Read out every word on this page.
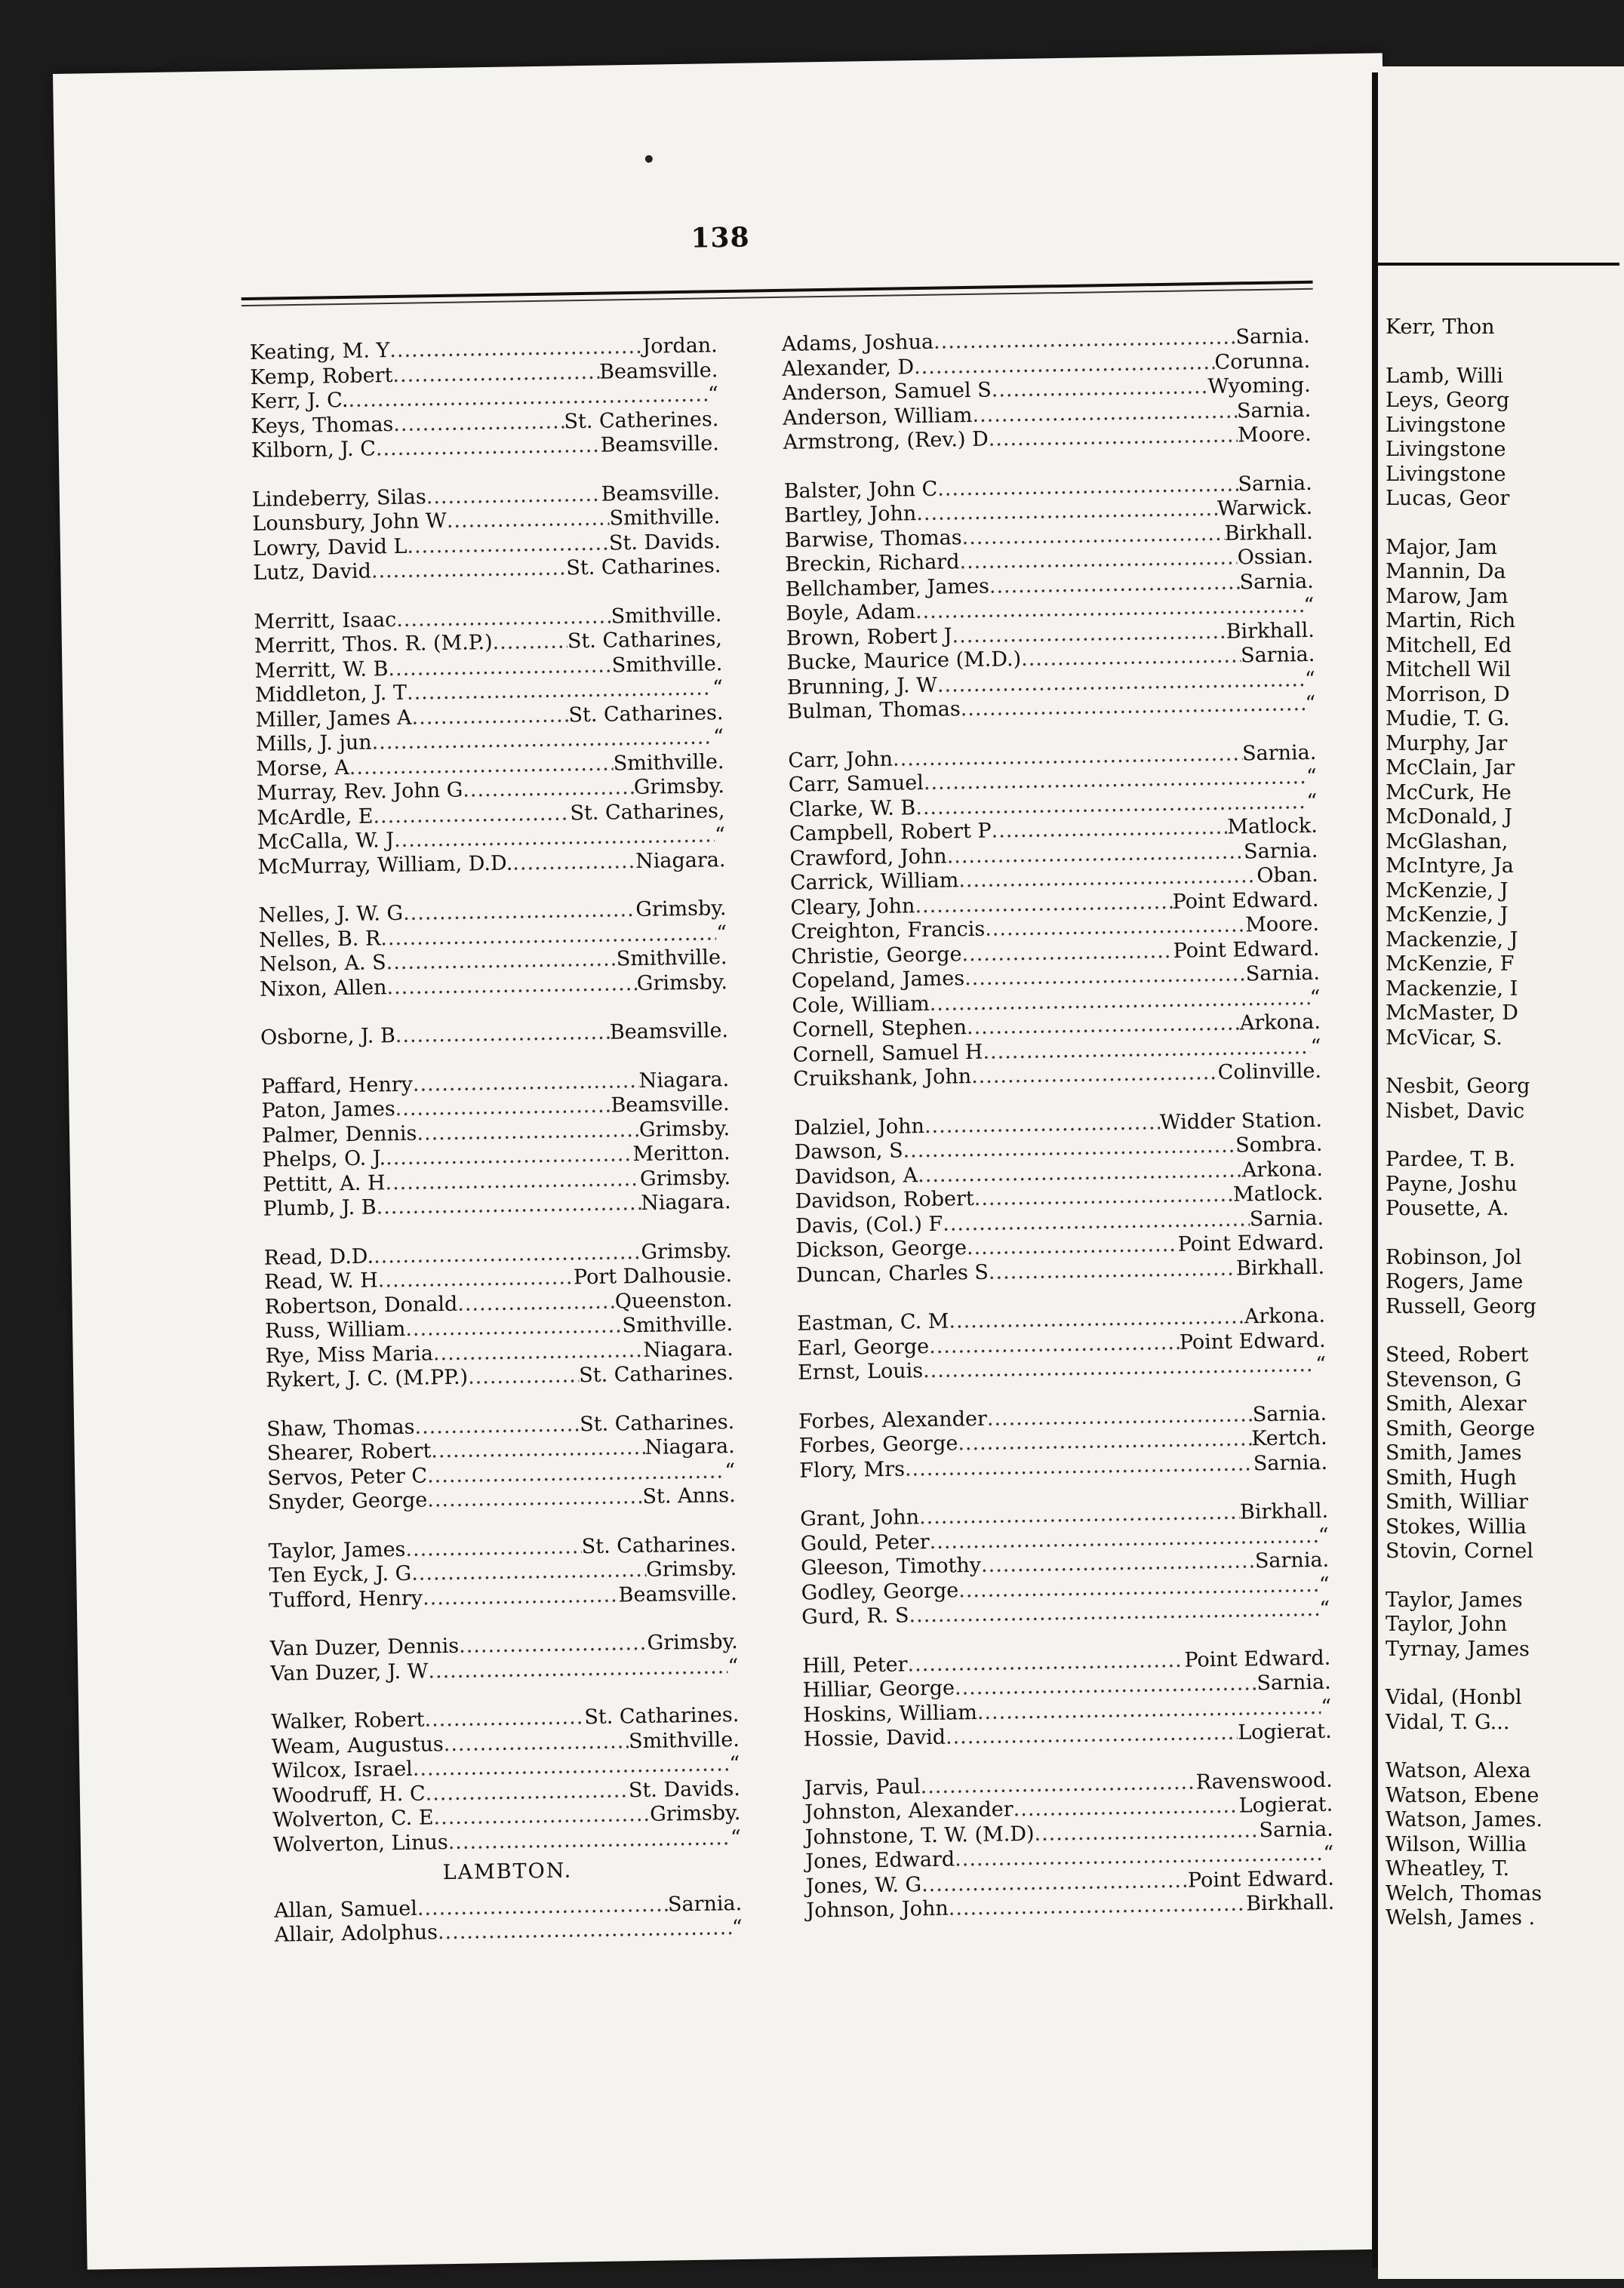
138
Keating, M. Y .....	Jordan.
Kemp, Robert .....	Beamsville.
Kerr, J. C. .....	“
Keys, Thomas .....	St. Catherines.
Kilborn, J. C .....	Beamsville.
Lindeberry, Silas .....	Beamsville.
Lounsbury, John W .....	Smithville.
Lowry, David L .....	St. Davids.
Lutz, David .....	St. Catharines.
Merritt, Isaac .....	Smithville.
Merritt, Thos. R. (M.P.) .....	St. Catharines,
Merritt, W. B .....	Smithville.
Middleton, J. T .....	“
Miller, James A .....	St. Catharines.
Mills, J. jun .....	“
Morse, A .....	Smithville.
Murray, Rev. John G .....	Grimsby.
McArdle, E .....	St. Catharines,
McCalla, W. J .....	“
McMurray, William, D.D. .....	Niagara.
Nelles, J. W. G .....	Grimsby.
Nelles, B. R .....	“
Nelson, A. S .....	Smithville.
Nixon, Allen .....	Grimsby.
Osborne, J. B .....	Beamsville.
Paffard, Henry .....	Niagara.
Paton, James .....	Beamsville.
Palmer, Dennis .....	Grimsby.
Phelps, O. J. .....	Meritton.
Pettitt, A. H .....	Grimsby.
Plumb, J. B .....	Niagara.
Read, D.D. .....	Grimsby.
Read, W. H .....	Port Dalhousie.
Robertson, Donald .....	Queenston.
Russ, William .....	Smithville.
Rye, Miss Maria .....	Niagara.
Rykert, J. C. (M.PP.) .....	St. Catharines.
Shaw, Thomas .....	St. Catharines.
Shearer, Robert .....	Niagara.
Servos, Peter C .....	“
Snyder, George .....	St. Anns.
Taylor, James .....	St. Catharines.
Ten Eyck, J. G .....	Grimsby.
Tufford, Henry .....	Beamsville.
Van Duzer, Dennis .....	Grimsby.
Van Duzer, J. W .....	“
Walker, Robert .....	St. Catharines.
Weam, Augustus .....	Smithville.
Wilcox, Israel .....	“
Woodruff, H. C .....	St. Davids.
Wolverton, C. E .....	Grimsby.
Wolverton, Linus .....	“
LAMBTON.
Allan, Samuel .....	Sarnia.
Allair, Adolphus .....	“
Adams, Joshua .....	Sarnia.
Alexander, D .....	Corunna.
Anderson, Samuel S .....	Wyoming.
Anderson, William .....	Sarnia.
Armstrong, (Rev.) D .....	Moore.
Balster, John C .....	Sarnia.
Bartley, John .....	Warwick.
Barwise, Thomas .....	Birkhall.
Breckin, Richard .....	Ossian.
Bellchamber, James .....	Sarnia.
Boyle, Adam .....	“
Brown, Robert J .....	Birkhall.
Bucke, Maurice (M.D.) .....	Sarnia.
Brunning, J. W .....	“
Bulman, Thomas .....	“
Carr, John .....	Sarnia.
Carr, Samuel .....	“
Clarke, W. B .....	“
Campbell, Robert P .....	Matlock.
Crawford, John .....	Sarnia.
Carrick, William .....	Oban.
Cleary, John .....	Point Edward.
Creighton, Francis .....	Moore.
Christie, George .....	Point Edward.
Copeland, James .....	Sarnia.
Cole, William .....	“
Cornell, Stephen .....	Arkona.
Cornell, Samuel H .....	“
Cruikshank, John .....	Colinville.
Dalziel, John .....	Widder Station.
Dawson, S .....	Sombra.
Davidson, A .....	Arkona.
Davidson, Robert .....	Matlock.
Davis, (Col.) F .....	Sarnia.
Dickson, George .....	Point Edward.
Duncan, Charles S .....	Birkhall.
Eastman, C. M .....	Arkona.
Earl, George .....	Point Edward.
Ernst, Louis .....	“
Forbes, Alexander .....	Sarnia.
Forbes, George .....	Kertch.
Flory, Mrs .....	Sarnia.
Grant, John .....	Birkhall.
Gould, Peter .....	“
Gleeson, Timothy .....	Sarnia.
Godley, George .....	“
Gurd, R. S .....	“
Hill, Peter .....	Point Edward.
Hilliar, George .....	Sarnia.
Hoskins, William .....	“
Hossie, David .....	Logierat.
Jarvis, Paul .....	Ravenswood.
Johnston, Alexander .....	Logierat.
Johnstone, T. W. (M.D) .....	Sarnia.
Jones, Edward .....	“
Jones, W. G .....	Point Edward.
Johnson, John .....	Birkhall.
Kerr, Thon
Lamb, Willi
Leys, Georg
Livingstone
Livingstone
Livingstone
Lucas, Geor
Major, Jam
Mannin, Da
Marow, Jam
Martin, Rich
Mitchell, Ed
Mitchell Wil
Morrison, D
Mudie, T. G.
Murphy, Jar
McClain, Jar
McCurk, He
McDonald, J
McGlashan,
McIntyre, Ja
McKenzie, J
McKenzie, J
Mackenzie, J
McKenzie, F
Mackenzie, I
McMaster, D
McVicar, S.
Nesbit, Georg
Nisbet, Davic
Pardee, T. B.
Payne, Joshu
Pousette, A.
Robinson, Jol
Rogers, Jame
Russell, Georg
Steed, Robert
Stevenson, G
Smith, Alexar
Smith, George
Smith, James
Smith, Hugh
Smith, Williar
Stokes, Willia
Stovin, Cornel
Taylor, James
Taylor, John
Tyrnay, James
Vidal, (Honbl
Vidal, T. G...
Watson, Alexa
Watson, Ebene
Watson, James.
Wilson, Willia
Wheatley, T.
Welch, Thomas
Welsh, James .
